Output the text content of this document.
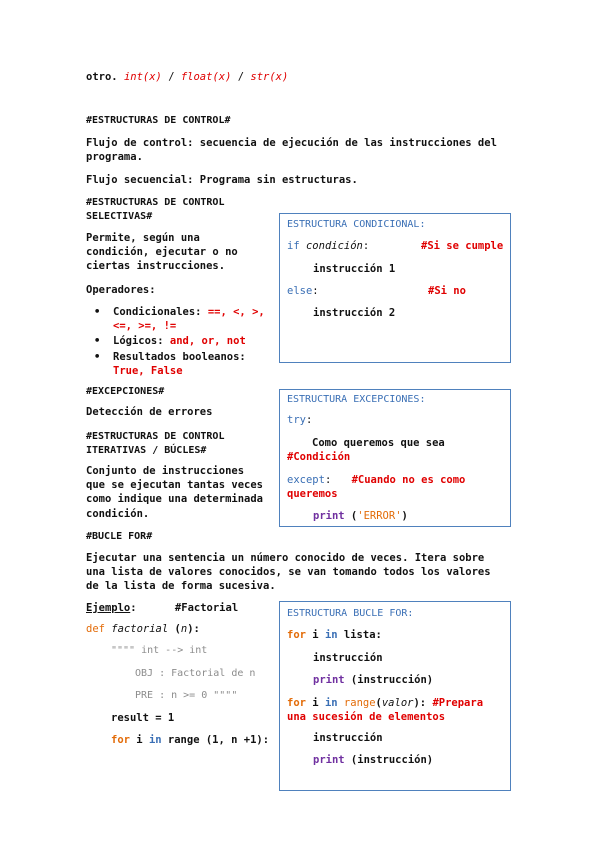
otro. int(x) / float(x) / str(x)
#ESTRUCTURAS DE CONTROL#
Flujo de control: secuencia de ejecución de las instrucciones del programa.
Flujo secuencial: Programa sin estructuras.
#ESTRUCTURAS DE CONTROL
SELECTIVAS#
Permite, según una condición, ejecutar o no ciertas instrucciones.
Operadores:
• Condicionales: ==, <, >, <=, >=, !=
• Lógicos: and, or, not
• Resultados booleanos:
True, False
ESTRUCTURA CONDICIONAL:
if condición:	#Si se cumple
instrucción 1
else:	#Si no
instrucción 2
#EXCEPCIONES#
Detección de errores
ESTRUCTURA EXCEPCIONES:
try:
Como queremos que sea
#Condición
except: #Cuando no es como queremos
print ('ERROR')
#ESTRUCTURAS DE CONTROL
ITERATIVAS / BÚCLES#
Conjunto de instrucciones que se ejecutan tantas veces como indique una determinada condición.
#BUCLE FOR#
Ejecutar una sentencia un número conocido de veces. Itera sobre una lista de valores conocidos, se van tomando todos los valores de la lista de forma sucesiva.
Ejemplo:	#Factorial
def factorial (n):
"""" int --> int
OBJ : Factorial de n
PRE : n >= 0 """"
result = 1
for i in range (1, n +1):
ESTRUCTURA BUCLE FOR:
for i in lista:
instrucción
print (instrucción)
for i in range(valor): #Prepara una sucesión de elementos
instrucción
print (instrucción)
